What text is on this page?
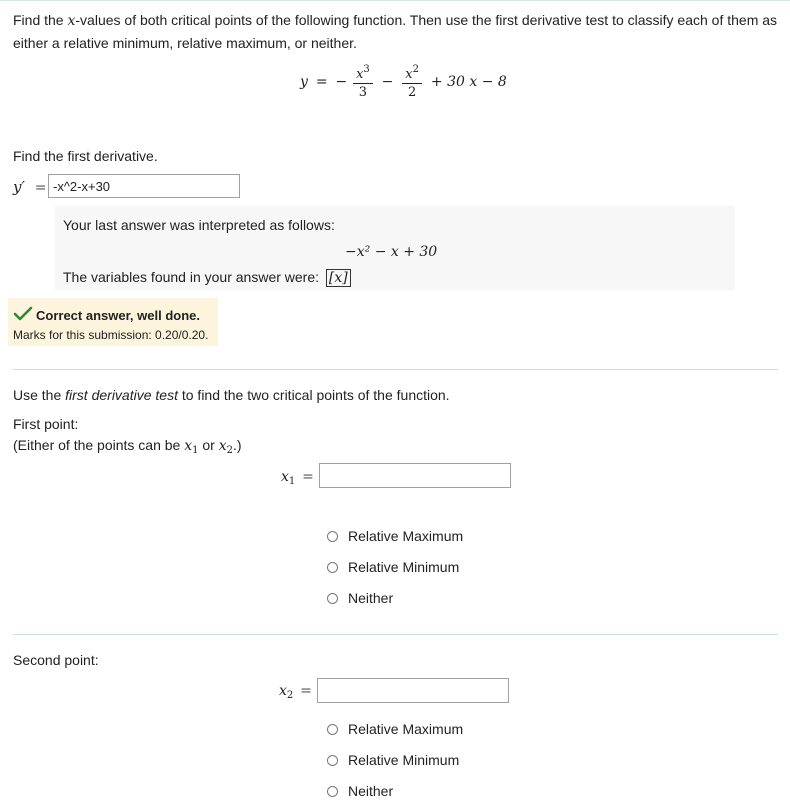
Find the x-values of both critical points of the following function. Then use the first derivative test to classify each of them as either a relative minimum, relative maximum, or neither.
y = − $\frac{x^3}{3} - \frac{x^2}{2} + 30$ x − 8
Find the first derivative.
y′ =
-x^2-x+30
Your last answer was interpreted as follows:
−x² − x + 30
The variables found in your answer were: [x]
Correct answer, well done.
Marks for this submission: 0.20/0.20.
Use the first derivative test to find the two critical points of the function.
First point:
(Either of the points can be $x_1$ or $x_2$.)
$x_1$ =
Relative Maximum
Relative Minimum
Neither
Second point:
$x_2$ =
Relative Maximum
Relative Minimum
Neither
